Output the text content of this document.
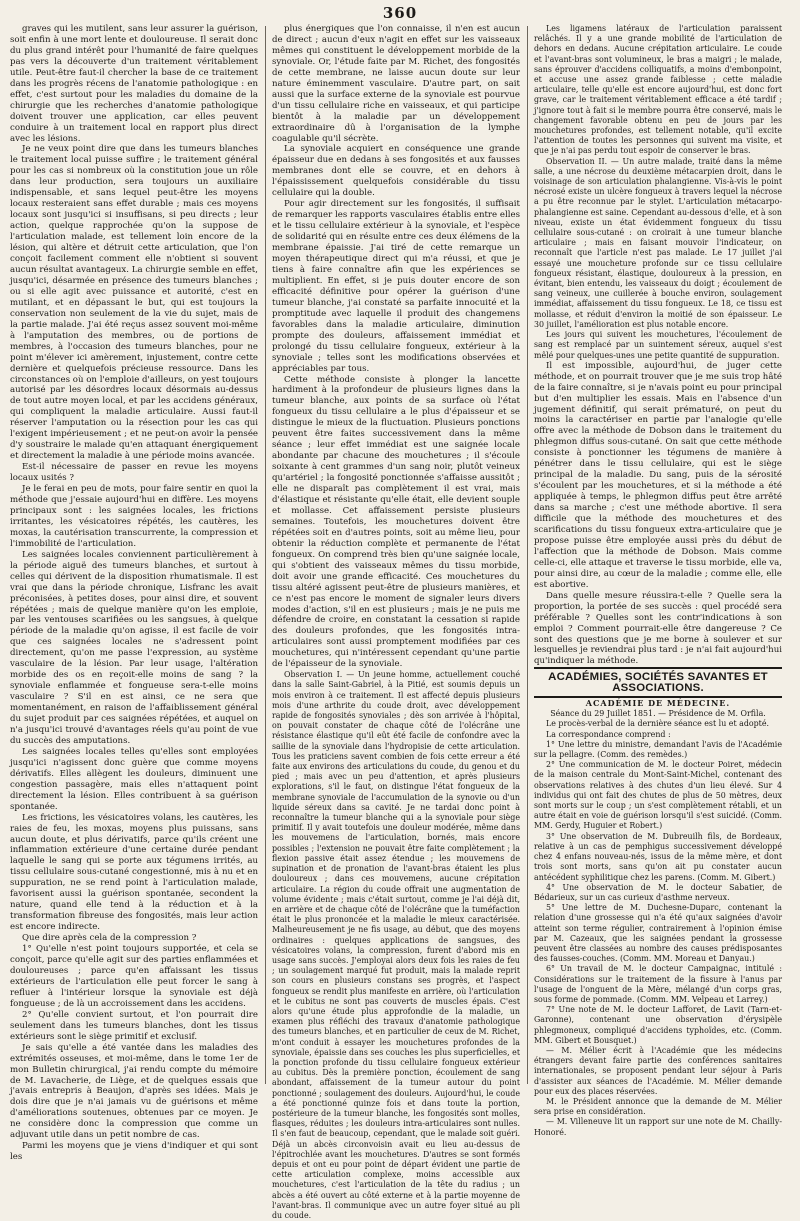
360

graves qui les mutilent, sans leur assurer la guérison, soit enfin à une mort lente et douloureuse. Il serait donc du plus grand intérêt pour l'humanité de faire quelques pas vers la découverte d'un traitement véritablement utile. Peut-être faut-il chercher la base de ce traitement dans les progrès récens de l'anatomie pathologique : en effet, c'est surtout pour les maladies du domaine de la chirurgie que les recherches d'anatomie pathologique doivent trouver une application, car elles peuvent conduire à un traitement local en rapport plus direct avec les lésions.

Je ne veux point dire que dans les tumeurs blanches le traitement local puisse suffire ; le traitement général pour les cas si nombreux où la constitution joue un rôle dans leur production, sera toujours un auxiliaire indispensable, et sans lequel peut-être les moyens locaux resteraient sans effet durable ; mais ces moyens locaux sont jusqu'ici si insuffisans, si peu directs ; leur action, quelque rapprochée qu'on la suppose de l'articulation malade, est tellement loin encore de la lésion, qui altère et détruit cette articulation, que l'on conçoit facilement comment elle n'obtient si souvent aucun résultat avantageux. La chirurgie semble en effet, jusqu'ici, désarmée en présence des tumeurs blanches ; ou si elle agit avec puissance et autorité, c'est en mutilant, et en dépassant le but, qui est toujours la conservation non seulement de la vie du sujet, mais de la partie malade. J'ai été reçus assez souvent moi-même à l'amputation des membres, ou de portions de membres, à l'occasion des tumeurs blanches, pour ne point m'élever ici amèrement, injustement, contre cette dernière et quelquefois précieuse ressource. Dans les circonstances où on l'emploie d'ailleurs, on yest toujours autorisé par les désordres locaux désormais au-dessus de tout autre moyen local, et par les accidens généraux, qui compliquent la maladie articulaire. Aussi faut-il réserver l'amputation ou la résection pour les cas qui l'exigent impérieusement ; et ne peut-on avoir la pensée d'y soustraire le malade qu'en attaquant énergiquement et directement la maladie à une période moins avancée.

Est-il nécessaire de passer en revue les moyens locaux usités ?

Je le ferai en peu de mots, pour faire sentir en quoi la méthode que j'essaie aujourd'hui en diffère. Les moyens principaux sont : les saignées locales, les frictions irritantes, les vésicatoires répétés, les cautères, les moxas, la cautérisation transcurrente, la compression et l'immobilité de l'articulation.

Les saignées locales conviennent particulièrement à la période aiguë des tumeurs blanches, et surtout à celles qui dérivent de la disposition rhumatismale. Il est vrai que dans la période chronique, Lisfranc les avait préconisées, à petites doses, pour ainsi dire, et souvent répétées ; mais de quelque manière qu'on les emploie, par les ventouses scarifiées ou les sangsues, à quelque période de la maladie qu'on agisse, il est facile de voir que ces saignées locales ne s'adressent point directement, qu'on me passe l'expression, au système vasculaire de la lésion. Par leur usage, l'altération morbide des os en reçoit-elle moins de sang ? la synoviale enflammée et fongueuse sera-t-elle moins vasculaire ? S'il en est ainsi, ce ne sera que momentanément, en raison de l'affaiblissement général du sujet produit par ces saignées répétées, et auquel on n'a jusqu'ici trouvé d'avantages réels qu'au point de vue du succès des amputations.

Les saignées locales telles qu'elles sont employées jusqu'ici n'agissent donc guère que comme moyens dérivatifs. Elles allègent les douleurs, diminuent une congestion passagère, mais elles n'attaquent point directement la lésion. Elles contribuent à sa guérison spontanée.

Les frictions, les vésicatoires volans, les cautères, les raies de feu, les moxas, moyens plus puissans, sans aucun doute, et plus dérivatifs, parce qu'ils créent une inflammation extérieure d'une certaine durée pendant laquelle le sang qui se porte aux tégumens irrités, au tissu cellulaire sous-cutané congestionné, mis à nu et en suppuration, ne se rend point à l'articulation malade, favorisent aussi la guérison spontanée, secondent la nature, quand elle tend à la réduction et à la transformation fibreuse des fongosités, mais leur action est encore indirecte.

Que dire après cela de la compression ?

1° Qu'elle n'est point toujours supportée, et cela se conçoit, parce qu'elle agit sur des parties enflammées et douloureuses ; parce qu'en affaissant les tissus extérieurs de l'articulation elle peut forcer le sang à refluer à l'intérieur lorsque la synoviale est déjà fongueuse ; de là un accroissement dans les accidens.

2° Qu'elle convient surtout, et l'on pourrait dire seulement dans les tumeurs blanches, dont les tissus extérieurs sont le siège primitif et exclusif.

Je sais qu'elle a été vantée dans les maladies des extrémités osseuses, et moi-même, dans le tome 1er de mon Bulletin chirurgical, j'ai rendu compte du mémoire de M. Lavacherie, de Liège, et de quelques essais que j'avais entrepris à Beaujon, d'après ses idées. Mais je dois dire que je n'ai jamais vu de guérisons et même d'améliorations soutenues, obtenues par ce moyen. Je ne considère donc la compression que comme un adjuvant utile dans un petit nombre de cas.

Parmi les moyens que je viens d'indiquer et qui sont les

plus énergiques que l'on connaisse, il n'en est aucun de direct ; aucun d'eux n'agit en effet sur les vaisseaux mêmes qui constituent le développement morbide de la synoviale. Or, l'étude faite par M. Richet, des fongosités de cette membrane, ne laisse aucun doute sur leur nature éminemment vasculaire. D'autre part, on sait aussi que la surface externe de la synoviale est pourvue d'un tissu cellulaire riche en vaisseaux, et qui participe bientôt à la maladie par un développement extraordinaire dû à l'organisation de la lymphe coagulable qu'il sécrète.

La synoviale acquiert en conséquence une grande épaisseur due en dedans à ses fongosités et aux fausses membranes dont elle se couvre, et en dehors à l'épaississement quelquefois considérable du tissu cellulaire qui la double.

Pour agir directement sur les fongosités, il suffisait de remarquer les rapports vasculaires établis entre elles et le tissu cellulaire extérieur à la synoviale, et l'espèce de solidarité qui en résulte entre ces deux élémens de la membrane épaissie. J'ai tiré de cette remarque un moyen thérapeutique direct qui m'a réussi, et que je tiens à faire connaître afin que les expériences se multiplient. En effet, si je puis douter encore de son efficacité définitive pour opérer la guérison d'une tumeur blanche, j'ai constaté sa parfaite innocuité et la promptitude avec laquelle il produit des changemens favorables dans la maladie articulaire, diminution prompte des douleurs, affaissement immédiat et prolongé du tissu cellulaire fongueux, extérieur à la synoviale ; telles sont les modifications observées et appréciables par tous.

Cette méthode consiste à plonger la lancette hardiment à la profondeur de plusieurs lignes dans la tumeur blanche, aux points de sa surface où l'état fongueux du tissu cellulaire a le plus d'épaisseur et se distingue le mieux de la fluctuation. Plusieurs ponctions peuvent être faites successivement dans la même séance ; leur effet immédiat est une saignée locale abondante par chacune des mouchetures ; il s'écoule soixante à cent grammes d'un sang noir, plutôt veineux qu'artériel ; la fongosité ponctionnée s'affaisse aussitôt ; elle ne disparaît pas complètement il est vrai, mais d'élastique et résistante qu'elle était, elle devient souple et mollasse. Cet affaissement persiste plusieurs semaines. Toutefois, les mouchetures doivent être répétées soit en d'autres points, soit au même lieu, pour obtenir la réduction complète et permanente de l'état fongueux. On comprend très bien qu'une saignée locale, qui s'obtient des vaisseaux mêmes du tissu morbide, doit avoir une grande efficacité. Ces mouchetures du tissu altéré agissent peut-être de plusieurs manières, et ce n'est pas encore le moment de signaler leurs divers modes d'action, s'il en est plusieurs ; mais je ne puis me défendre de croire, en constatant la cessation si rapide des douleurs profondes, que les fongosités intra-articulaires sont aussi promptement modifiées par ces mouchetures, qui n'intéressent cependant qu'une partie de l'épaisseur de la synoviale.

Observation I. — Un jeune homme, actuellement couché dans la salle Saint-Gabriel, à la Pitié, est soumis depuis un mois environ à ce traitement. Il est affecté depuis plusieurs mois d'une arthrite du coude droit, avec développement rapide de fongosités synoviales ; dès son arrivée à l'hôpital, on pouvait constater de chaque côté de l'olécrâne une résistance élastique qu'il eût été facile de confondre avec la saillie de la synoviale dans l'hydropisie de cette articulation. Tous les praticiens savent combien de fois cette erreur a été faite aux environs des articulations du coude, du genou et du pied ; mais avec un peu d'attention, et après plusieurs explorations, s'il le faut, on distingue l'état fongueux de la membrane synoviale de l'accumulation de la synovie ou d'un liquide séreux dans sa cavité. Je ne tardai donc point à reconnaître la tumeur blanche qui a la synoviale pour siège primitif. Il y avait toutefois une douleur modérée, même dans les mouvemens de l'articulation, bornés, mais encore possibles ; l'extension ne pouvait être faite complètement ; la flexion passive était assez étendue ; les mouvemens de supination et de pronation de l'avant-bras étaient les plus douloureux ; dans ces mouvemens, aucune crépitation articulaire. La région du coude offrait une augmentation de volume évidente ; mais c'était surtout, comme je l'ai déjà dit, en arrière et de chaque côté de l'olécrâne que la tuméfaction était le plus prononcée et la maladie le mieux caractérisée. Malheureusement je ne fis usage, au début, que des moyens ordinaires : quelques applications de sangsues, des vésicatoires volans, la compression, furent d'abord mis en usage sans succès. J'employai alors deux fois les raies de feu ; un soulagement marqué fut produit, mais la malade reprit son cours en plusieurs constans ses progrès, et l'aspect fongueux se rendit plus manifeste en arrière, où l'articulation et le cubitus ne sont pas couverts de muscles épais. C'est alors qu'une étude plus approfondie de la maladie, un examen plus réfléchi des travaux d'anatomie pathologique des tumeurs blanches, et en particulier de ceux de M. Richet, m'ont conduit à essayer les mouchetures profondes de la synoviale, épaissie dans ses couches les plus superficielles, et la ponction profonde du tissu cellulaire fongueux extérieur au cubitus. Dès la première ponction, écoulement de sang abondant, affaissement de la tumeur autour du point ponctionné ; soulagement des douleurs. Aujourd'hui, le coude a été ponctionné quinze fois et dans toute la portion, postérieure de la tumeur blanche, les fongosités sont molles, flasques, réduites ; les douleurs intra-articulaires sont nulles. Il s'en faut de beaucoup, cependant, que le malade soit guéri. Déjà un abcès circonvoisin avait eu lieu au-dessus de l'épitrochlée avant les mouchetures. D'autres se sont formés depuis et ont eu pour point de départ évident une partie de cette articulation complexe, moins accessible aux mouchetures, c'est l'articulation de la tête du radius ; un abcès a été ouvert au côté externe et à la partie moyenne de l'avant-bras. Il communique avec un autre foyer situé au pli du coude.

Les ligamens latéraux de l'articulation paraissent relâchés. Il y a une grande mobilité de l'articulation de dehors en dedans. Aucune crépitation articulaire. Le coude et l'avant-bras sont volumineux, le bras a maigri ; le malade, sans éprouver d'accidens colliquatifs, a moins d'embonpoint, et accuse une assez grande faiblesse ; cette maladie articulaire, telle qu'elle est encore aujourd'hui, est donc fort grave, car le traitement véritablement efficace a été tardif ; j'ignore tout à fait si le membre pourra être conservé, mais le changement favorable obtenu en peu de jours par les mouchetures profondes, est tellement notable, qu'il excite l'attention de toutes les personnes qui suivent ma visite, et que je n'ai pas perdu tout espoir de conserver le bras.

Observation II. — Un autre malade, traité dans la même salle, a une nécrose du deuxième métacarpien droit, dans le voisinage de son articulation phalangienne. Vis-à-vis le point nécrosé existe un ulcère fongueux à travers lequel la nécrose a pu être reconnue par le stylet. L'articulation métacarpo-phalangienne est saine. Cependant au-dessous d'elle, et à son niveau, existe un état évidemment fongueux du tissu cellulaire sous-cutané : on croirait à une tumeur blanche articulaire ; mais en faisant mouvoir l'indicateur, on reconnaît que l'article n'est pas malade. Le 17 juillet j'ai essayé une moucheture profonde sur ce tissu cellulaire fongueux résistant, élastique, douloureux à la pression, en évitant, bien entendu, les vaisseaux du doigt ; écoulement de sang veineux, une cuillerée à bouche environ, soulagement immédiat, affaissement du tissu fongueux. Le 18, ce tissu est mollasse, et réduit d'environ la moitié de son épaisseur. Le 30 juillet, l'amélioration est plus notable encore.

Les jours qui suivent les mouchetures, l'écoulement de sang est remplacé par un suintement séreux, auquel s'est mêlé pour quelques-unes une petite quantité de suppuration.

Il est impossible, aujourd'hui, de juger cette méthode, et on pourrait trouver que je me suis trop hâté de la faire connaître, si je n'avais point eu pour principal but d'en multiplier les essais. Mais en l'absence d'un jugement définitif, qui serait prématuré, on peut du moins la caractériser en partie par l'analogie qu'elle offre avec la méthode de Dobson dans le traitement du phlegmon diffus sous-cutané. On sait que cette méthode consiste à ponctionner les tégumens de manière à pénétrer dans le tissu cellulaire, qui est le siège principal de la maladie. Du sang, puis de la sérosité s'écoulent par les mouchetures, et si la méthode a été appliquée à temps, le phlegmon diffus peut être arrêté dans sa marche ; c'est une méthode abortive. Il sera difficile que la méthode des mouchetures et des scarifications du tissu fongueux extra-articulaire que je propose puisse être employée aussi près du début de l'affection que la méthode de Dobson. Mais comme celle-ci, elle attaque et traverse le tissu morbide, elle va, pour ainsi dire, au cœur de la maladie ; comme elle, elle est abortive.

Dans quelle mesure réussira-t-elle ? Quelle sera la proportion, la portée de ses succès : quel procédé sera préférable ? Quelles sont les contr'indications à son emploi ? Comment pourrait-elle être dangereuse ? Ce sont des questions que je me borne à soulever et sur lesquelles je reviendrai plus tard : je n'ai fait aujourd'hui qu'indiquer la méthode.

ACADÉMIES, SOCIÉTÉS SAVANTES ET ASSOCIATIONS.

ACADÉMIE DE MÉDECINE.

Séance du 29 Juillet 1851. — Présidence de M. Orfila.

Le procès-verbal de la dernière séance est lu et adopté.

La correspondance comprend :

1° Une lettre du ministre, demandant l'avis de l'Académie sur la pellagre. (Comm. des remèdes.)

2° Une communication de M. le docteur Poiret, médecin de la maison centrale du Mont-Saint-Michel, contenant des observations relatives à des chutes d'un lieu élevé. Sur 4 individus qui ont fait des chutes de plus de 50 mètres, deux sont morts sur le coup ; un s'est complètement rétabli, et un autre était en voie de guérison lorsqu'il s'est suicidé. (Comm. MM. Gerdy, Huguier et Robert.)

3° Une observation de M. Dubreuilh fils, de Bordeaux, relative à un cas de pemphigus successivement développé chez 4 enfans nouveau-nés, issus de la même mère, et dont trois sont morts, sans qu'on ait pu constater aucun antécédent syphilitique chez les parens. (Comm. M. Gibert.)

4° Une observation de M. le docteur Sabatier, de Bédarieux, sur un cas curieux d'asthme nerveux.

5° Une lettre de M. Duchesne-Duparc, contenant la relation d'une grossesse qui n'a été qu'aux saignées d'avoir atteint son terme régulier, contrairement à l'opinion émise par M. Cazeaux, que les saignées pendant la grossesse peuvent être classées au nombre des causes prédisposantes des fausses-couches. (Comm. MM. Moreau et Danyau.)

6° Un travail de M. le docteur Campaignac, intitulé : Considérations sur le traitement de la fissure à l'anus par l'usage de l'onguent de la Mère, mélangé d'un corps gras, sous forme de pommade. (Comm. MM. Velpeau et Larrey.)

7° Une note de M. le docteur Lafforet, de Lavit (Tarn-et-Garonne), contenant une observation d'érysipèle phlegmoneux, compliqué d'accidens typhoïdes, etc. (Comm. MM. Gibert et Bousquet.)

— M. Mélier écrit à l'Académie que les médecins étrangers devant faire partie des conférences sanitaires internationales, se proposent pendant leur séjour à Paris d'assister aux séances de l'Académie. M. Mélier demande pour eux des places réservées.

M. le Président annonce que la demande de M. Mélier sera prise en considération.

— M. Villeneuve lit un rapport sur une note de M. Chailly-Honoré.
